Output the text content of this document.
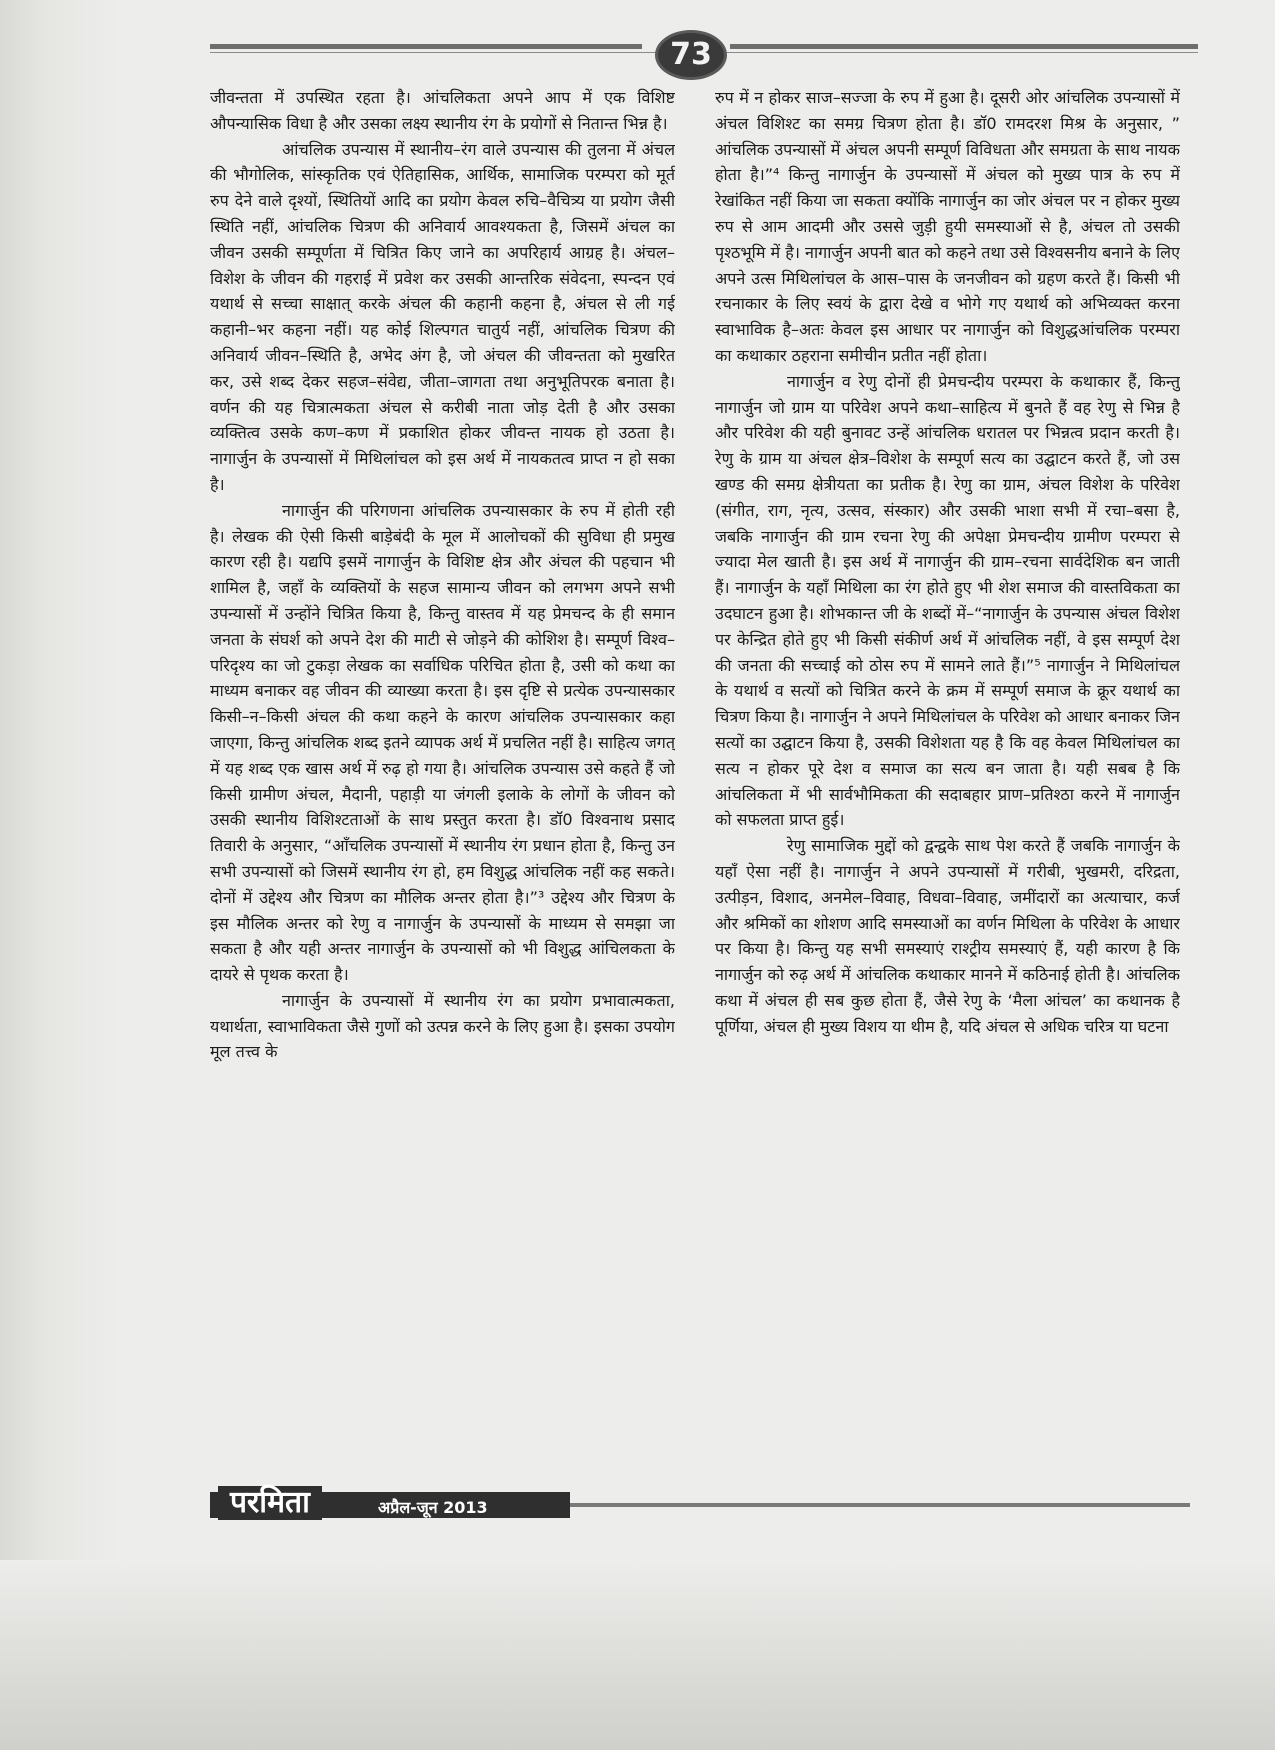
73

जीवन्तता में उपस्थित रहता है। आंचलिकता अपने आप में एक विशिष्ट औपन्यासिक विधा है और उसका लक्ष्य स्थानीय रंग के प्रयोगों से नितान्त भिन्न है।

आंचलिक उपन्यास में स्थानीय–रंग वाले उपन्यास की तुलना में अंचल की भौगोलिक, सांस्कृतिक एवं ऐतिहासिक, आर्थिक, सामाजिक परम्परा को मूर्त रुप देने वाले दृश्यों, स्थितियों आदि का प्रयोग केवल रुचि–वैचित्र्य या प्रयोग जैसी स्थिति नहीं, आंचलिक चित्रण की अनिवार्य आवश्यकता है, जिसमें अंचल का जीवन उसकी सम्पूर्णता में चित्रित किए जाने का अपरिहार्य आग्रह है। अंचल–विशेश के जीवन की गहराई में प्रवेश कर उसकी आन्तरिक संवेदना, स्पन्दन एवं यथार्थ से सच्चा साक्षात् करके अंचल की कहानी कहना है, अंचल से ली गई कहानी–भर कहना नहीं। यह कोई शिल्पगत चातुर्य नहीं, आंचलिक चित्रण की अनिवार्य जीवन–स्थिति है, अभेद अंग है, जो अंचल की जीवन्तता को मुखरित कर, उसे शब्द देकर सहज–संवेद्य, जीता–जागता तथा अनुभूतिपरक बनाता है। वर्णन की यह चित्रात्मकता अंचल से करीबी नाता जोड़ देती है और उसका व्यक्तित्व उसके कण–कण में प्रकाशित होकर जीवन्त नायक हो उठता है। नागार्जुन के उपन्यासों में मिथिलांचल को इस अर्थ में नायकतत्व प्राप्त न हो सका है।

नागार्जुन की परिगणना आंचलिक उपन्यासकार के रुप में होती रही है। लेखक की ऐसी किसी बाड़ेबंदी के मूल में आलोचकों की सुविधा ही प्रमुख कारण रही है। यद्यपि इसमें नागार्जुन के विशिष्ट क्षेत्र और अंचल की पहचान भी शामिल है, जहाँ के व्यक्तियों के सहज सामान्य जीवन को लगभग अपने सभी उपन्यासों में उन्होंने चित्रित किया है, किन्तु वास्तव में यह प्रेमचन्द के ही समान जनता के संघर्श को अपने देश की माटी से जोड़ने की कोशिश है। सम्पूर्ण विश्व–परिदृश्य का जो टुकड़ा लेखक का सर्वाधिक परिचित होता है, उसी को कथा का माध्यम बनाकर वह जीवन की व्याख्या करता है। इस दृष्टि से प्रत्येक उपन्यासकार किसी–न–किसी अंचल की कथा कहने के कारण आंचलिक उपन्यासकार कहा जाएगा, किन्तु आंचलिक शब्द इतने व्यापक अर्थ में प्रचलित नहीं है। साहित्य जगत् में यह शब्द एक खास अर्थ में रुढ़ हो गया है। आंचलिक उपन्यास उसे कहते हैं जो किसी ग्रामीण अंचल, मैदानी, पहाड़ी या जंगली इलाके के लोगों के जीवन को उसकी स्थानीय विशिश्टताओं के साथ प्रस्तुत करता है। डॉ0 विश्वनाथ प्रसाद तिवारी के अनुसार, “आँचलिक उपन्यासों में स्थानीय रंग प्रधान होता है, किन्तु उन सभी उपन्यासों को जिसमें स्थानीय रंग हो, हम विशुद्ध आंचलिक नहीं कह सकते। दोनों में उद्देश्य और चित्रण का मौलिक अन्तर होता है।”³ उद्देश्य और चित्रण के इस मौलिक अन्तर को रेणु व नागार्जुन के उपन्यासों के माध्यम से समझा जा सकता है और यही अन्तर नागार्जुन के उपन्यासों को भी विशुद्ध आंचिलकता के दायरे से पृथक करता है।

नागार्जुन के उपन्यासों में स्थानीय रंग का प्रयोग प्रभावात्मकता, यथार्थता, स्वाभाविकता जैसे गुणों को उत्पन्न करने के लिए हुआ है। इसका उपयोग मूल तत्त्व के

रुप में न होकर साज–सज्जा के रुप में हुआ है। दूसरी ओर आंचलिक उपन्यासों में अंचल विशिश्ट का समग्र चित्रण होता है। डॉ0 रामदरश मिश्र के अनुसार, ” आंचलिक उपन्यासों में अंचल अपनी सम्पूर्ण विविधता और समग्रता के साथ नायक होता है।”⁴ किन्तु नागार्जुन के उपन्यासों में अंचल को मुख्य पात्र के रुप में रेखांकित नहीं किया जा सकता क्योंकि नागार्जुन का जोर अंचल पर न होकर मुख्य रुप से आम आदमी और उससे जुड़ी हुयी समस्याओं से है, अंचल तो उसकी पृश्ठभूमि में है। नागार्जुन अपनी बात को कहने तथा उसे विश्वसनीय बनाने के लिए अपने उत्स मिथिलांचल के आस–पास के जनजीवन को ग्रहण करते हैं। किसी भी रचनाकार के लिए स्वयं के द्वारा देखे व भोगे गए यथार्थ को अभिव्यक्त करना स्वाभाविक है–अतः केवल इस आधार पर नागार्जुन को विशुद्धआंचलिक परम्परा का कथाकार ठहराना समीचीन प्रतीत नहीं होता।

नागार्जुन व रेणु दोनों ही प्रेमचन्दीय परम्परा के कथाकार हैं, किन्तु नागार्जुन जो ग्राम या परिवेश अपने कथा–साहित्य में बुनते हैं वह रेणु से भिन्न है और परिवेश की यही बुनावट उन्हें आंचलिक धरातल पर भिन्नत्व प्रदान करती है। रेणु के ग्राम या अंचल क्षेत्र–विशेश के सम्पूर्ण सत्य का उद्घाटन करते हैं, जो उस खण्ड की समग्र क्षेत्रीयता का प्रतीक है। रेणु का ग्राम, अंचल विशेश के परिवेश (संगीत, राग, नृत्य, उत्सव, संस्कार) और उसकी भाशा सभी में रचा–बसा है, जबकि नागार्जुन की ग्राम रचना रेणु की अपेक्षा प्रेमचन्दीय ग्रामीण परम्परा से ज्यादा मेल खाती है। इस अर्थ में नागार्जुन की ग्राम–रचना सार्वदेशिक बन जाती हैं। नागार्जुन के यहाँ मिथिला का रंग होते हुए भी शेश समाज की वास्तविकता का उदघाटन हुआ है। शोभकान्त जी के शब्दों में–“नागार्जुन के उपन्यास अंचल विशेश पर केन्द्रित होते हुए भी किसी संकीर्ण अर्थ में आंचलिक नहीं, वे इस सम्पूर्ण देश की जनता की सच्चाई को ठोस रुप में सामने लाते हैं।”⁵ नागार्जुन ने मिथिलांचल के यथार्थ व सत्यों को चित्रित करने के क्रम में सम्पूर्ण समाज के क्रूर यथार्थ का चित्रण किया है। नागार्जुन ने अपने मिथिलांचल के परिवेश को आधार बनाकर जिन सत्यों का उद्घाटन किया है, उसकी विशेशता यह है कि वह केवल मिथिलांचल का सत्य न होकर पूरे देश व समाज का सत्य बन जाता है। यही सबब है कि आंचलिकता में भी सार्वभौमिकता की सदाबहार प्राण–प्रतिश्ठा करने में नागार्जुन को सफलता प्राप्त हुई।

रेणु सामाजिक मुद्दों को द्वन्द्वके साथ पेश करते हैं जबकि नागार्जुन के यहाँ ऐसा नहीं है। नागार्जुन ने अपने उपन्यासों में गरीबी, भुखमरी, दरिद्रता, उत्पीड़न, विशाद, अनमेल–विवाह, विधवा–विवाह, जमींदारों का अत्याचार, कर्ज और श्रमिकों का शोशण आदि समस्याओं का वर्णन मिथिला के परिवेश के आधार पर किया है। किन्तु यह सभी समस्याएं राश्ट्रीय समस्याएं हैं, यही कारण है कि नागार्जुन को रुढ़ अर्थ में आंचलिक कथाकार मानने में कठिनाई होती है। आंचलिक कथा में अंचल ही सब कुछ होता हैं, जैसे रेणु के ‘मैला आंचल’ का कथानक है पूर्णिया, अंचल ही मुख्य विशय या थीम है, यदि अंचल से अधिक चरित्र या घटना

परमिता	अप्रैल-जून 2013
